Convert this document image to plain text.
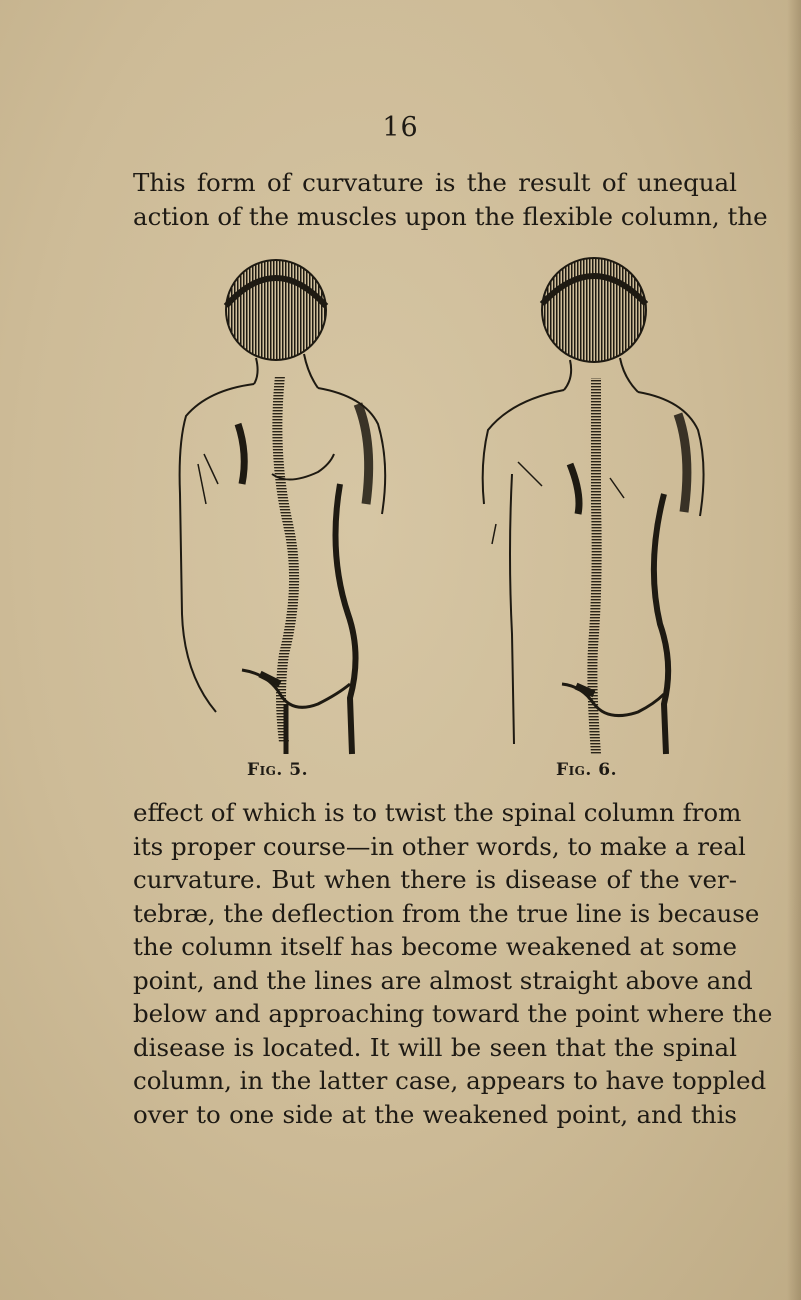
16
This form of curvature is the result of unequal
action of the muscles upon the flexible column, the
Fig. 5.	Fig. 6.
effect of which is to twist the spinal column from
its proper course—in other words, to make a real
curvature. But when there is disease of the ver-
tebræ, the deflection from the true line is because
the column itself has become weakened at some
point, and the lines are almost straight above and
below and approaching toward the point where the
disease is located. It will be seen that the spinal
column, in the latter case, appears to have toppled
over to one side at the weakened point, and this
